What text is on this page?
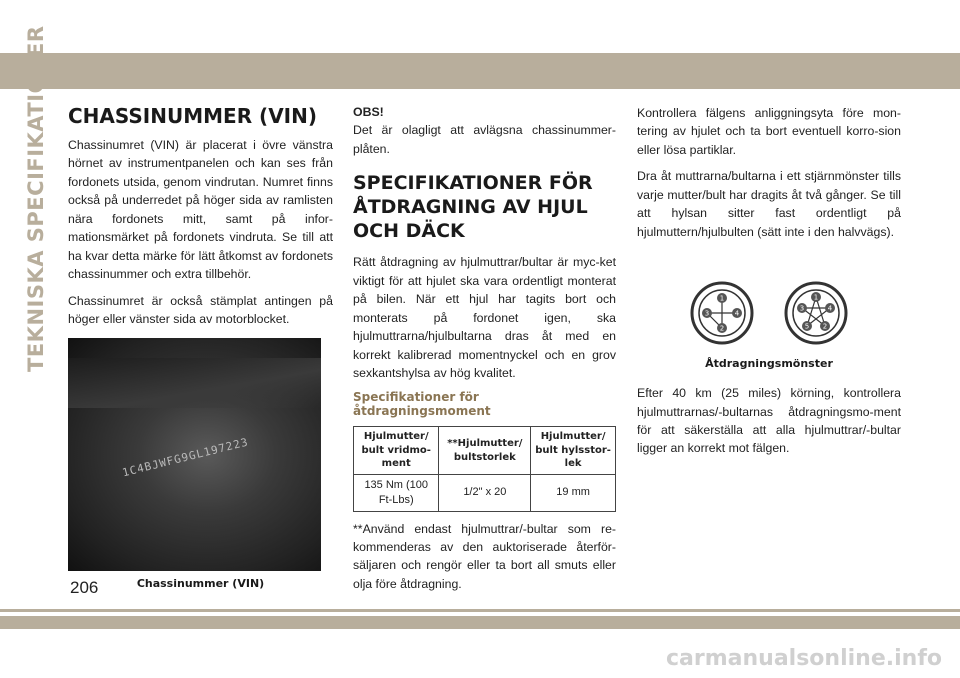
TEKNISKA SPECIFIKATIONER
206
CHASSINUMMER (VIN)

Chassinumret (VIN) är placerat i övre vänstra hörnet av instrumentpanelen och kan ses från fordonets utsida, genom vindrutan. Numret finns också på underredet på höger sida av ramlisten nära fordonets mitt, samt på infor-mationsmärket på fordonets vindruta. Se till att ha kvar detta märke för lätt åtkomst av fordonets chassinummer och extra tillbehör.

Chassinumret är också stämplat antingen på höger eller vänster sida av motorblocket.

1C4BJWFG9GL197223
Chassinummer (VIN)
OBS!

Det är olagligt att avlägsna chassinummer-plåten.

SPECIFIKATIONER FÖR ÅTDRAGNING AV HJUL OCH DÄCK

Rätt åtdragning av hjulmuttrar/bultar är myc-ket viktigt för att hjulet ska vara ordentligt monterat på bilen. När ett hjul har tagits bort och monterats på fordonet igen, ska hjulmuttrarna/hjulbultarna dras åt med en korrekt kalibrerad momentnyckel och en grov sexkantshylsa av hög kvalitet.

Specifikationer för åtdragningsmoment
Hjulmutter/ bult vridmo-ment	**Hjulmutter/ bultstorlek	Hjulmutter/ bult hylsstor-lek
135 Nm (100 Ft-Lbs)	1/2" x 20	19 mm

**Använd endast hjulmuttrar/-bultar som re-kommenderas av den auktoriserade återför-säljaren och rengör eller ta bort all smuts eller olja före åtdragning.

Kontrollera fälgens anliggningsyta före mon-tering av hjulet och ta bort eventuell korro-sion eller lösa partiklar.

Dra åt muttrarna/bultarna i ett stjärnmönster tills varje mutter/bult har dragits åt två gånger. Se till att hylsan sitter fast ordentligt på hjulmuttern/hjulbulten (sätt inte i den halvvägs).

1
2
3	4
1
2
3	4
5
Åtdragningsmönster

Efter 40 km (25 miles) körning, kontrollera hjulmuttrarnas/-bultarnas åtdragningsmo-ment för att säkerställa att alla hjulmuttrar/-bultar ligger an korrekt mot fälgen.

carmanualsonline.info
